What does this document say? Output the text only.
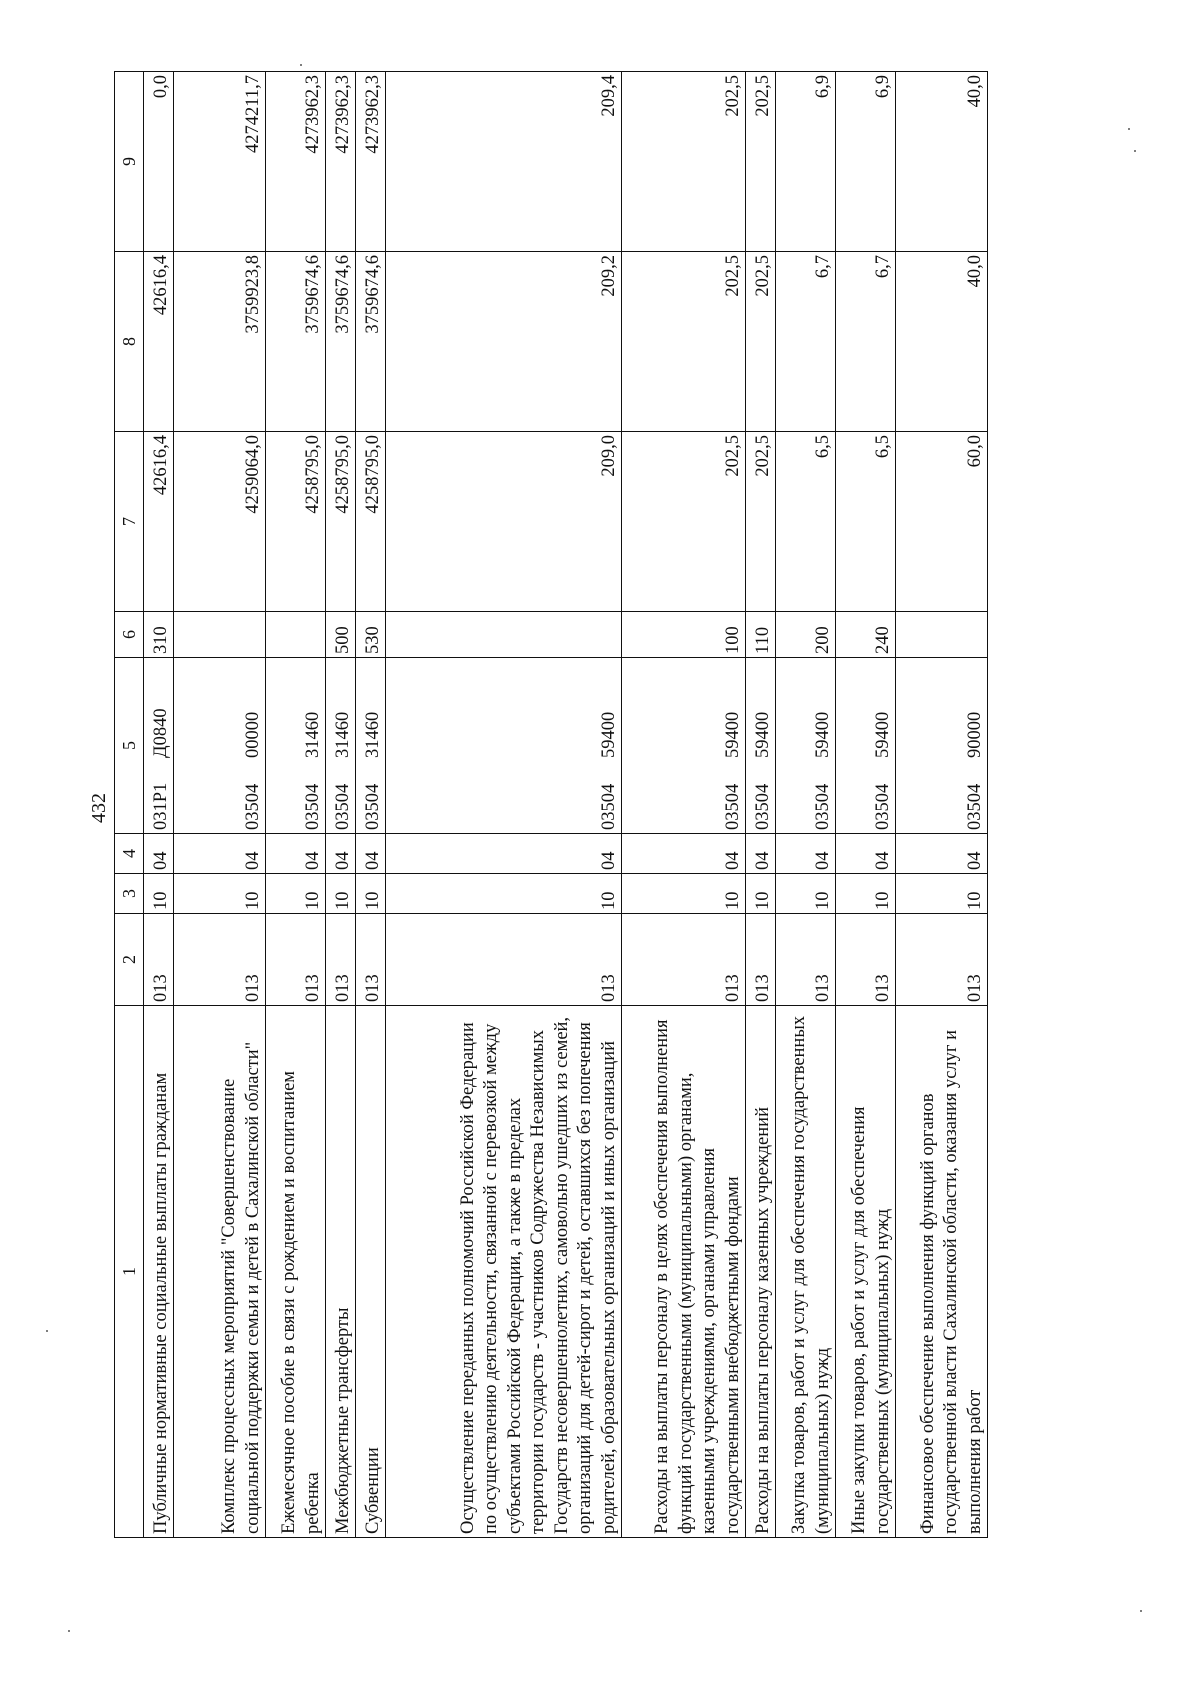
432
1	2	3	4	5	6	7	8	9
Публичные нормативные социальные выплаты гражданам	013	10	04	031Р1Д0840	310	42616,4	42616,4	0,0
Комплекс процессных мероприятий "Совершенствование социальной поддержки семьи и детей в Сахалинской области"	013	10	04	0350400000		4259064,0	3759923,8	4274211,7
Ежемесячное пособие в связи с рождением и воспитанием ребенка	013	10	04	0350431460		4258795,0	3759674,6	4273962,3
Межбюджетные трансферты	013	10	04	0350431460	500	4258795,0	3759674,6	4273962,3
Субвенции	013	10	04	0350431460	530	4258795,0	3759674,6	4273962,3
Осуществление переданных полномочий Российской Федерации по осуществлению деятельности, связанной с перевозкой между субъектами Российской Федерации, а также в пределах территории государств - участников Содружества Независимых Государств несовершеннолетних, самовольно ушедших из семей, организаций для детей-сирот и детей, оставшихся без попечения родителей, образовательных организаций и иных организаций	013	10	04	0350459400		209,0	209,2	209,4
Расходы на выплаты персоналу в целях обеспечения выполнения функций государственными (муниципальными) органами, казенными учреждениями, органами управления государственными внебюджетными фондами	013	10	04	0350459400	100	202,5	202,5	202,5
Расходы на выплаты персоналу казенных учреждений	013	10	04	0350459400	110	202,5	202,5	202,5
Закупка товаров, работ и услуг для обеспечения государственных (муниципальных) нужд	013	10	04	0350459400	200	6,5	6,7	6,9
Иные закупки товаров, работ и услуг для обеспечения государственных (муниципальных) нужд	013	10	04	0350459400	240	6,5	6,7	6,9
Финансовое обеспечение выполнения функций органов государственной власти Сахалинской области, оказания услуг и выполнения работ	013	10	04	0350490000		60,0	40,0	40,0
